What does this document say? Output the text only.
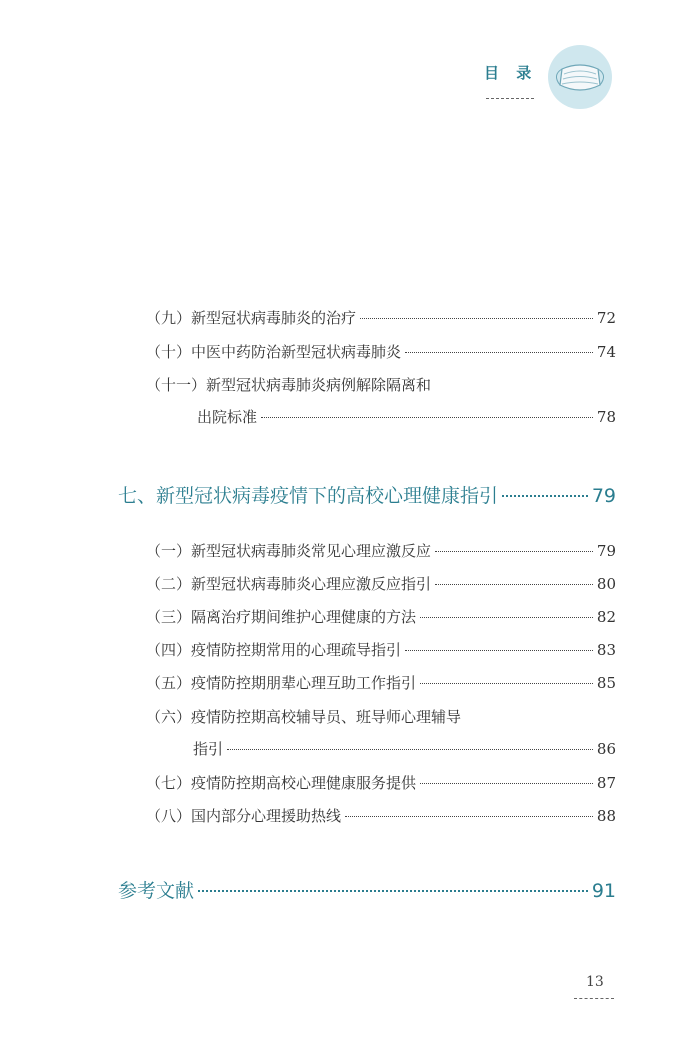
目 录
（九） 新型冠状病毒肺炎的治疗	72
（十） 中医中药防治新型冠状病毒肺炎	74
（十一） 新型冠状病毒肺炎病例解除隔离和
出院标准	78
七、新型冠状病毒疫情下的高校心理健康指引	79
（一） 新型冠状病毒肺炎常见心理应激反应	79
（二） 新型冠状病毒肺炎心理应激反应指引	80
（三） 隔离治疗期间维护心理健康的方法	82
（四） 疫情防控期常用的心理疏导指引	83
（五） 疫情防控期朋辈心理互助工作指引	85
（六） 疫情防控期高校辅导员、班导师心理辅导
指引	86
（七） 疫情防控期高校心理健康服务提供	87
（八） 国内部分心理援助热线	88
参考文献	91
13
